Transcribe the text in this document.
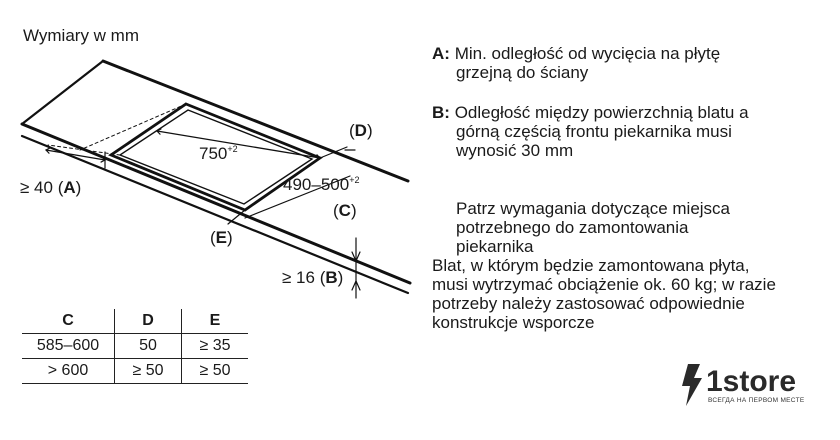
Wymiary w mm
$750^{+2}$
$490-500^{+2}$
(D)
(C)
(E)
≥ 40 (A)
≥ 16 (B)
A: Min. odległość od wycięcia na płytę
grzejną do ściany
B: Odległość między powierzchnią blatu a
górną częścią frontu piekarnika musi
wynosić 30 mm
Patrz wymagania dotyczące miejsca
potrzebnego do zamontowania
piekarnika
Blat, w którym będzie zamontowana płyta,
musi wytrzymać obciążenie ok. 60 kg; w razie
potrzeby należy zastosować odpowiednie
konstrukcje wsporcze
C	D	E
585–600	50	≥ 35
> 600	≥ 50	≥ 50	1store
ВСЕГДА НА ПЕРВОМ МЕСТЕ
